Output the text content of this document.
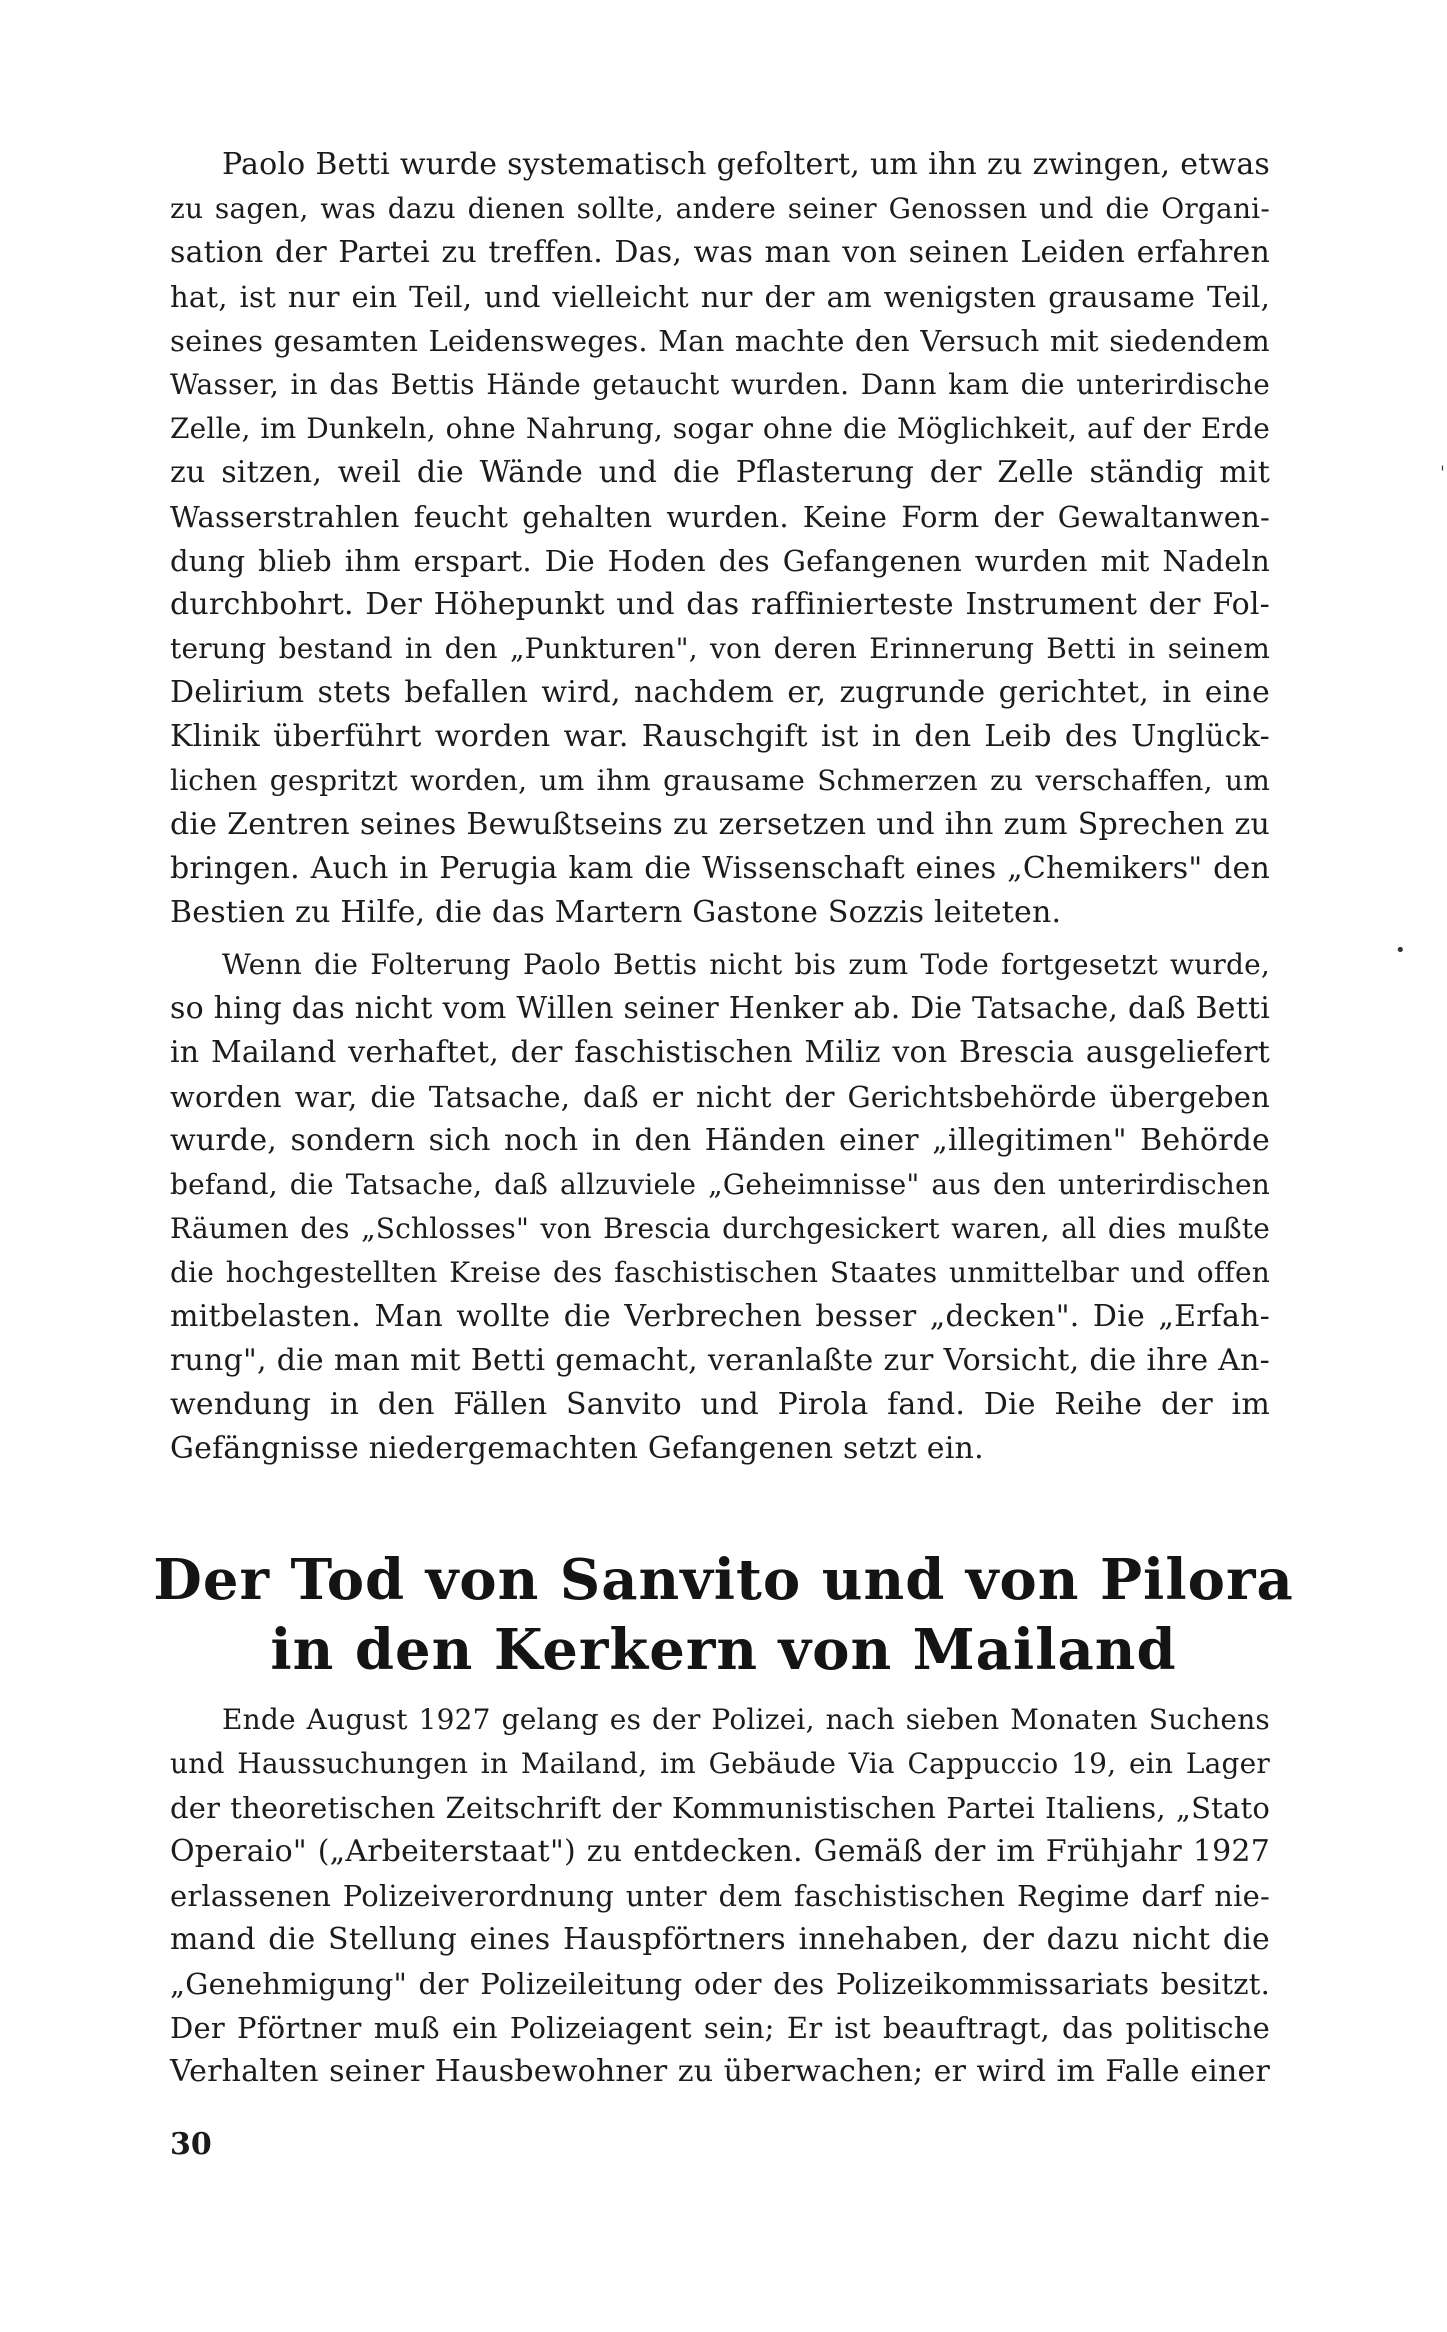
Paolo Betti wurde systematisch gefoltert, um ihn zu zwingen, etwas
zu sagen, was dazu dienen sollte, andere seiner Genossen und die Organi-
sation der Partei zu treffen. Das, was man von seinen Leiden erfahren
hat, ist nur ein Teil, und vielleicht nur der am wenigsten grausame Teil,
seines gesamten Leidensweges. Man machte den Versuch mit siedendem
Wasser, in das Bettis Hände getaucht wurden. Dann kam die unterirdische
Zelle, im Dunkeln, ohne Nahrung, sogar ohne die Möglichkeit, auf der Erde
zu sitzen, weil die Wände und die Pflasterung der Zelle ständig mit
Wasserstrahlen feucht gehalten wurden. Keine Form der Gewaltanwen-
dung blieb ihm erspart. Die Hoden des Gefangenen wurden mit Nadeln
durchbohrt. Der Höhepunkt und das raffinierteste Instrument der Fol-
terung bestand in den „Punkturen", von deren Erinnerung Betti in seinem
Delirium stets befallen wird, nachdem er, zugrunde gerichtet, in eine
Klinik überführt worden war. Rauschgift ist in den Leib des Unglück-
lichen gespritzt worden, um ihm grausame Schmerzen zu verschaffen, um
die Zentren seines Bewußtseins zu zersetzen und ihn zum Sprechen zu
bringen. Auch in Perugia kam die Wissenschaft eines „Chemikers" den
Bestien zu Hilfe, die das Martern Gastone Sozzis leiteten.
Wenn die Folterung Paolo Bettis nicht bis zum Tode fortgesetzt wurde,
so hing das nicht vom Willen seiner Henker ab. Die Tatsache, daß Betti
in Mailand verhaftet, der faschistischen Miliz von Brescia ausgeliefert
worden war, die Tatsache, daß er nicht der Gerichtsbehörde übergeben
wurde, sondern sich noch in den Händen einer „illegitimen" Behörde
befand, die Tatsache, daß allzuviele „Geheimnisse" aus den unterirdischen
Räumen des „Schlosses" von Brescia durchgesickert waren, all dies mußte
die hochgestellten Kreise des faschistischen Staates unmittelbar und offen
mitbelasten. Man wollte die Verbrechen besser „decken". Die „Erfah-
rung", die man mit Betti gemacht, veranlaßte zur Vorsicht, die ihre An-
wendung in den Fällen Sanvito und Pirola fand. Die Reihe der im
Gefängnisse niedergemachten Gefangenen setzt ein.
Der Tod von Sanvito und von Pilora
in den Kerkern von Mailand
Ende August 1927 gelang es der Polizei, nach sieben Monaten Suchens
und Haussuchungen in Mailand, im Gebäude Via Cappuccio 19, ein Lager
der theoretischen Zeitschrift der Kommunistischen Partei Italiens, „Stato
Operaio" („Arbeiterstaat") zu entdecken. Gemäß der im Frühjahr 1927
erlassenen Polizeiverordnung unter dem faschistischen Regime darf nie-
mand die Stellung eines Hauspförtners innehaben, der dazu nicht die
„Genehmigung" der Polizeileitung oder des Polizeikommissariats besitzt.
Der Pförtner muß ein Polizeiagent sein; Er ist beauftragt, das politische
Verhalten seiner Hausbewohner zu überwachen; er wird im Falle einer
30
ˈ
•
